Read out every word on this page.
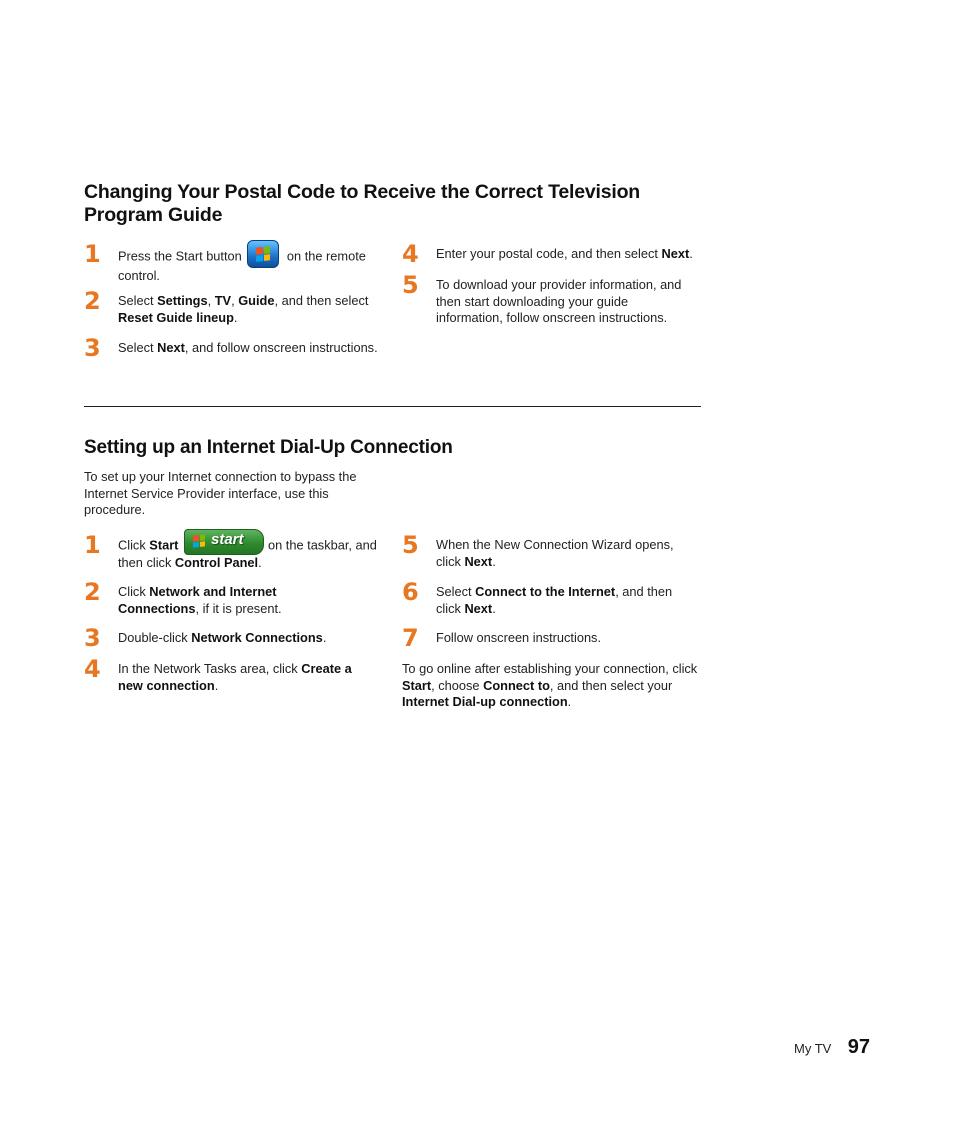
Changing Your Postal Code to Receive the Correct Television Program Guide
1 Press the Start button	on the remote control.
2 Select Settings, TV, Guide, and then select Reset Guide lineup.
3 Select Next, and follow onscreen instructions.
4 Enter your postal code, and then select Next.
5 To download your provider information, and then start downloading your guide information, follow onscreen instructions.
Setting up an Internet Dial-Up Connection
To set up your Internet connection to bypass the Internet Service Provider interface, use this procedure.
1 Click Start start on the taskbar, and then click Control Panel.
2 Click Network and Internet Connections, if it is present.
3 Double-click Network Connections.
4 In the Network Tasks area, click Create a new connection.
5 When the New Connection Wizard opens, click Next.
6 Select Connect to the Internet, and then click Next.
7 Follow onscreen instructions.
To go online after establishing your connection, click Start, choose Connect to, and then select your Internet Dial-up connection.
My TV 97
